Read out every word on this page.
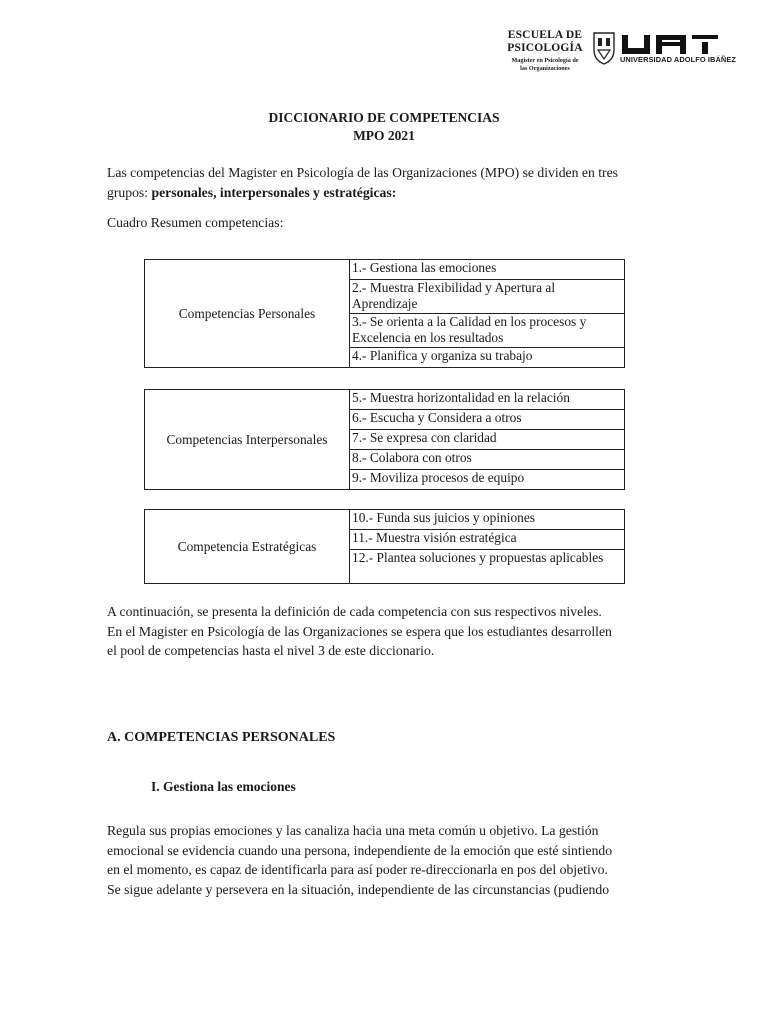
ESCUELA DE
PSICOLOGÍA
Magister en Psicología de
las Organizaciones
UNIVERSIDAD ADOLFO IBÁÑEZ
DICCIONARIO DE COMPETENCIAS
MPO 2021
Las competencias del Magister en Psicología de las Organizaciones (MPO) se dividen en tres
grupos: personales, interpersonales y estratégicas:
Cuadro Resumen competencias:
Competencias Personales	1.- Gestiona las emociones
2.- Muestra Flexibilidad y Apertura al Aprendizaje
3.- Se orienta a la Calidad en los procesos y Excelencia en los resultados
4.- Planifica y organiza su trabajo
Competencias Interpersonales	5.- Muestra horizontalidad en la relación
6.- Escucha y Considera a otros
7.- Se expresa con claridad
8.- Colabora con otros
9.- Moviliza procesos de equipo
Competencia Estratégicas	10.- Funda sus juicios y opiniones
11.- Muestra visión estratégica
12.- Plantea soluciones y propuestas aplicables
A continuación, se presenta la definición de cada competencia con sus respectivos niveles.
En el Magister en Psicología de las Organizaciones se espera que los estudiantes desarrollen
el pool de competencias hasta el nivel 3 de este diccionario.
A. COMPETENCIAS PERSONALES
I. Gestiona las emociones
Regula sus propias emociones y las canaliza hacia una meta común u objetivo. La gestión
emocional se evidencia cuando una persona, independiente de la emoción que esté sintiendo
en el momento, es capaz de identificarla para así poder re-direccionarla en pos del objetivo.
Se sigue adelante y persevera en la situación, independiente de las circunstancias (pudiendo
